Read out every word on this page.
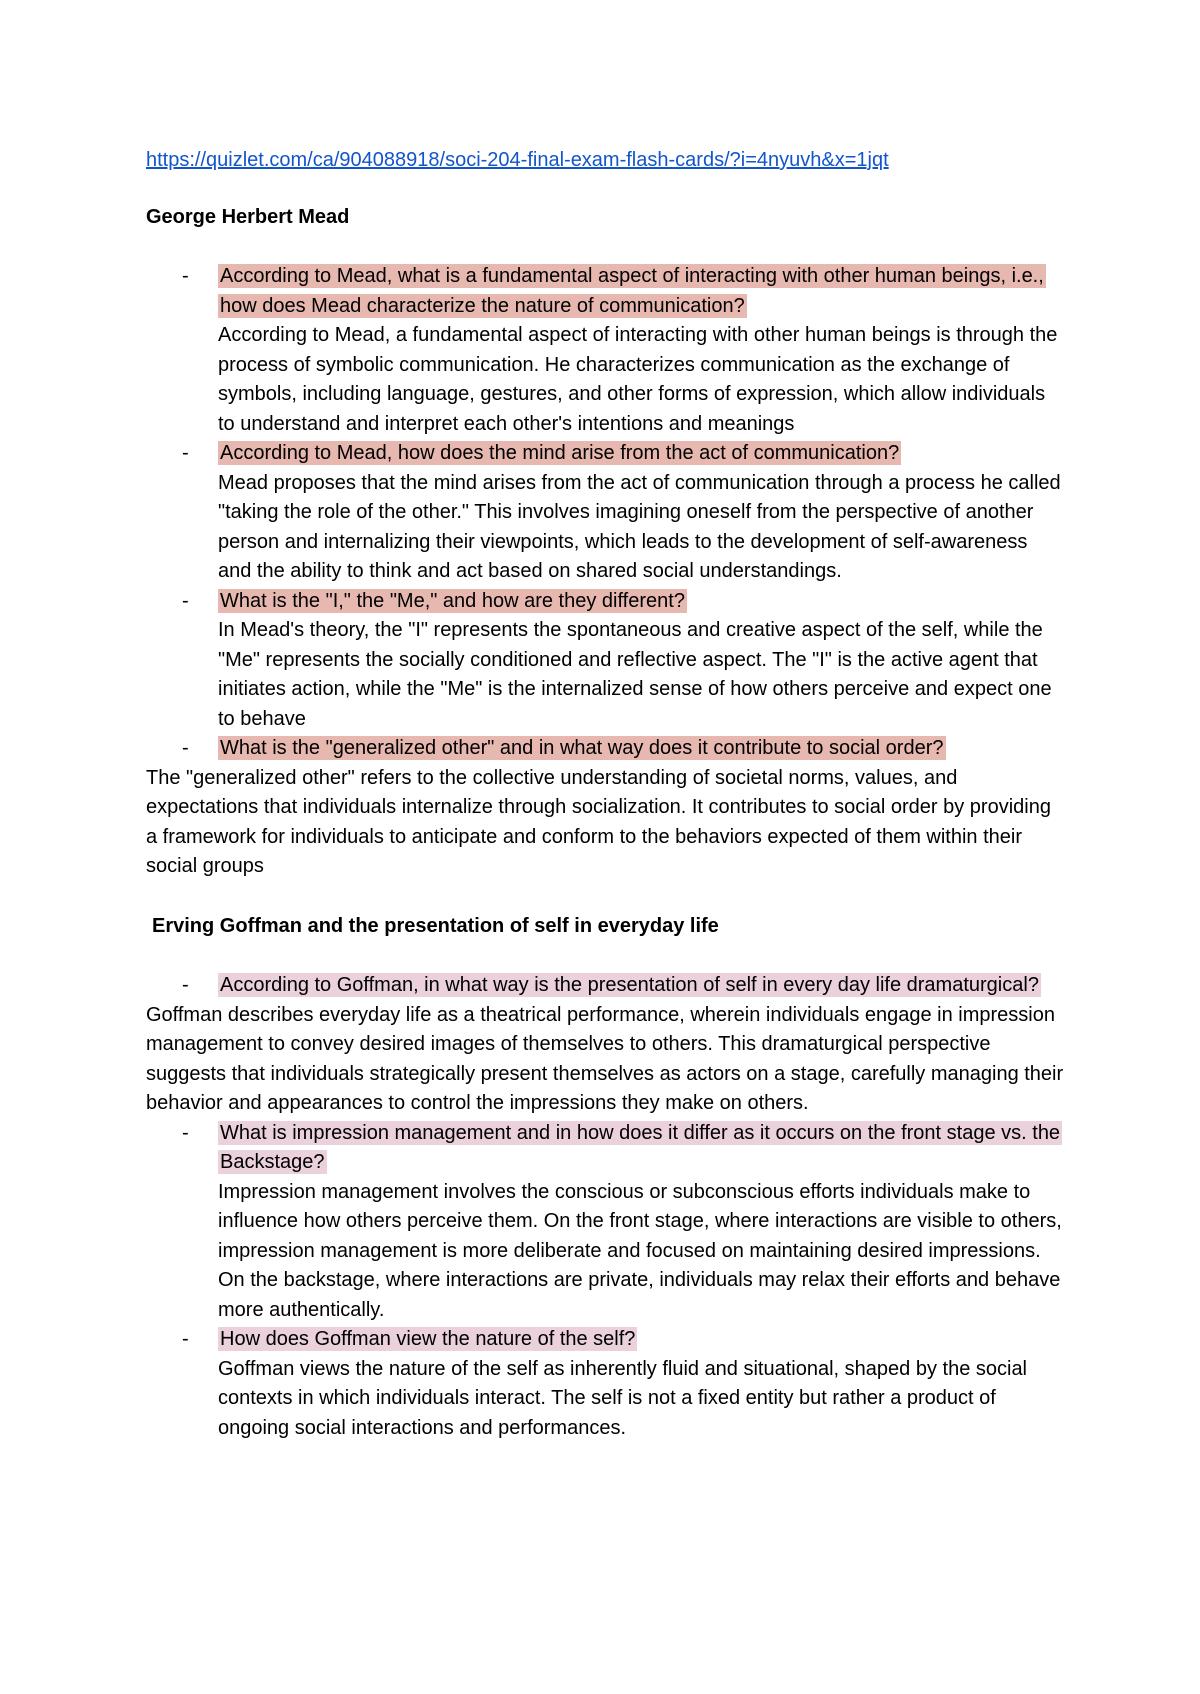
https://quizlet.com/ca/904088918/soci-204-final-exam-flash-cards/?i=4nyuvh&x=1jqt
George Herbert Mead
- According to Mead, what is a fundamental aspect of interacting with other human beings, i.e., how does Mead characterize the nature of communication?
According to Mead, a fundamental aspect of interacting with other human beings is through the process of symbolic communication. He characterizes communication as the exchange of symbols, including language, gestures, and other forms of expression, which allow individuals to understand and interpret each other's intentions and meanings
- According to Mead, how does the mind arise from the act of communication?
Mead proposes that the mind arises from the act of communication through a process he called "taking the role of the other." This involves imagining oneself from the perspective of another person and internalizing their viewpoints, which leads to the development of self-awareness and the ability to think and act based on shared social understandings.
- What is the "I," the "Me," and how are they different?
In Mead's theory, the "I" represents the spontaneous and creative aspect of the self, while the "Me" represents the socially conditioned and reflective aspect. The "I" is the active agent that initiates action, while the "Me" is the internalized sense of how others perceive and expect one to behave
- What is the "generalized other" and in what way does it contribute to social order?

The "generalized other" refers to the collective understanding of societal norms, values, and expectations that individuals internalize through socialization. It contributes to social order by providing a framework for individuals to anticipate and conform to the behaviors expected of them within their social groups

Erving Goffman and the presentation of self in everyday life
- According to Goffman, in what way is the presentation of self in every day life dramaturgical?

Goffman describes everyday life as a theatrical performance, wherein individuals engage in impression management to convey desired images of themselves to others. This dramaturgical perspective suggests that individuals strategically present themselves as actors on a stage, carefully managing their behavior and appearances to control the impressions they make on others.

- What is impression management and in how does it differ as it occurs on the front stage vs. the Backstage?
Impression management involves the conscious or subconscious efforts individuals make to influence how others perceive them. On the front stage, where interactions are visible to others, impression management is more deliberate and focused on maintaining desired impressions. On the backstage, where interactions are private, individuals may relax their efforts and behave more authentically.
- How does Goffman view the nature of the self?
Goffman views the nature of the self as inherently fluid and situational, shaped by the social contexts in which individuals interact. The self is not a fixed entity but rather a product of ongoing social interactions and performances.
